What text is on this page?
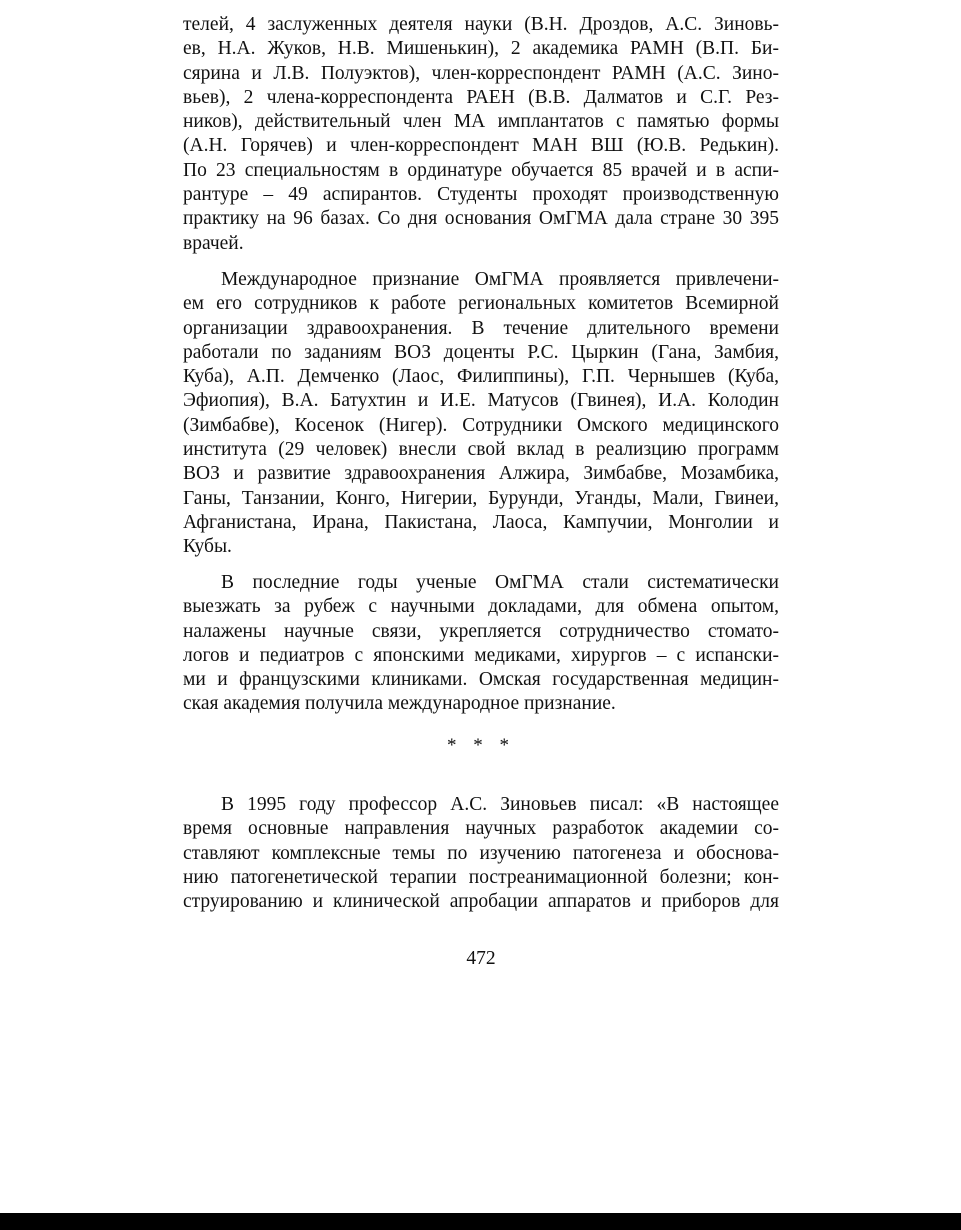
телей, 4 заслуженных деятеля науки (В.Н. Дроздов, А.С. Зиновь-
ев, Н.А. Жуков, Н.В. Мишенькин), 2 академика РАМН (В.П. Би-
сярина и Л.В. Полуэктов), член-корреспондент РАМН (А.С. Зино-
вьев), 2 члена-корреспондента РАЕН (В.В. Далматов и С.Г. Рез-
ников), действительный член МА имплантатов с памятью формы
(А.Н. Горячев) и член-корреспондент МАН ВШ (Ю.В. Редькин).
По 23 специальностям в ординатуре обучается 85 врачей и в аспи-
рантуре – 49 аспирантов. Студенты проходят производственную
практику на 96 базах. Со дня основания ОмГМА дала стране 30 395
врачей.
Международное признание ОмГМА проявляется привлечени-
ем его сотрудников к работе региональных комитетов Всемирной
организации здравоохранения. В течение длительного времени
работали по заданиям ВОЗ доценты Р.С. Цыркин (Гана, Замбия,
Куба), А.П. Демченко (Лаос, Филиппины), Г.П. Чернышев (Куба,
Эфиопия), В.А. Батухтин и И.Е. Матусов (Гвинея), И.А. Колодин
(Зимбабве), Косенок (Нигер). Сотрудники Омского медицинского
института (29 человек) внесли свой вклад в реализцию программ
ВОЗ и развитие здравоохранения Алжира, Зимбабве, Мозамбика,
Ганы, Танзании, Конго, Нигерии, Бурунди, Уганды, Мали, Гвинеи,
Афганистана, Ирана, Пакистана, Лаоса, Кампучии, Монголии и
Кубы.
В последние годы ученые ОмГМА стали систематически
выезжать за рубеж с научными докладами, для обмена опытом,
налажены научные связи, укрепляется сотрудничество стомато-
логов и педиатров с японскими медиками, хирургов – с испански-
ми и французскими клиниками. Омская государственная медицин-
ская академия получила международное признание.
* * *
В 1995 году профессор А.С. Зиновьев писал: «В настоящее
время основные направления научных разработок академии со-
ставляют комплексные темы по изучению патогенеза и обоснова-
нию патогенетической терапии постреанимационной болезни; кон-
струированию и клинической апробации аппаратов и приборов для
472
